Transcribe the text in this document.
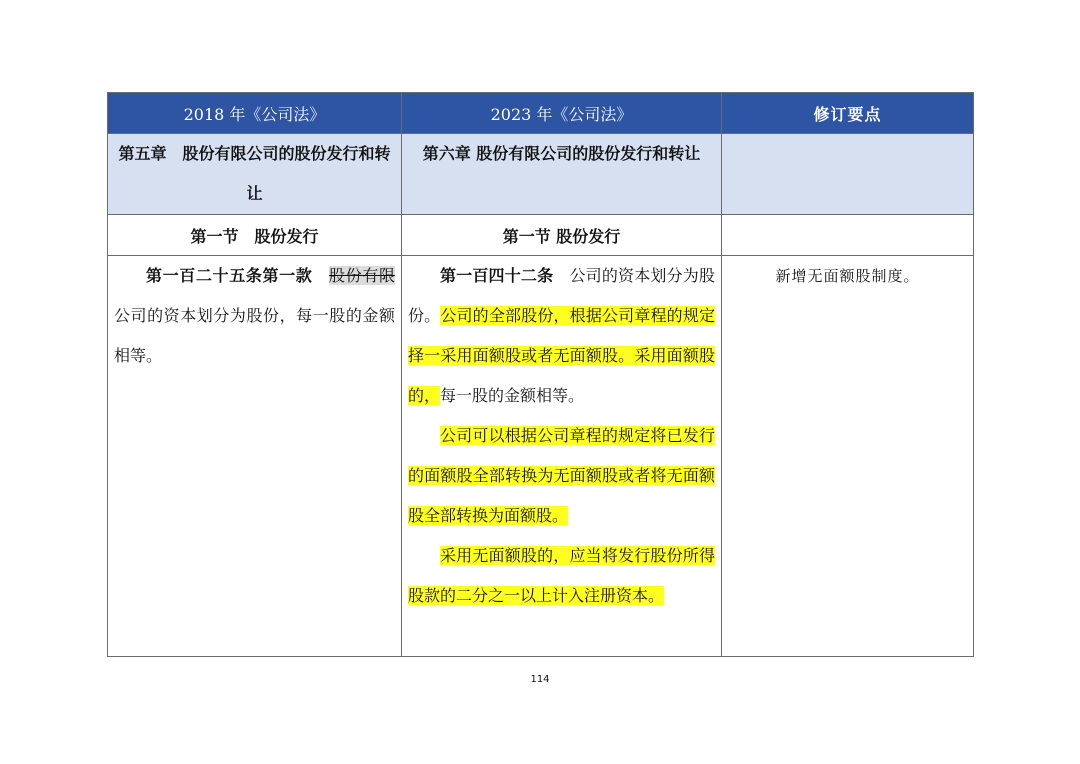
2018 年《公司法》	2023 年《公司法》	修订要点

第五章　股份有限公司的股份发行和转让	第六章 股份有限公司的股份发行和转让	

第一节　股份发行	第一节 股份发行	

第一百二十五条第一款　 股份有限公司的资本划分为股份，每一股的金额相等。	第一百四十二条　公司的资本划分为股份。公司的全部股份，根据公司章程的规定择一采用面额股或者无面额股。采用面额股的，每一股的金额相等。

公司可以根据公司章程的规定将已发行的面额股全部转换为无面额股或者将无面额股全部转换为面额股。

采用无面额股的，应当将发行股份所得股款的二分之一以上计入注册资本。	新增无面额股制度。
114
